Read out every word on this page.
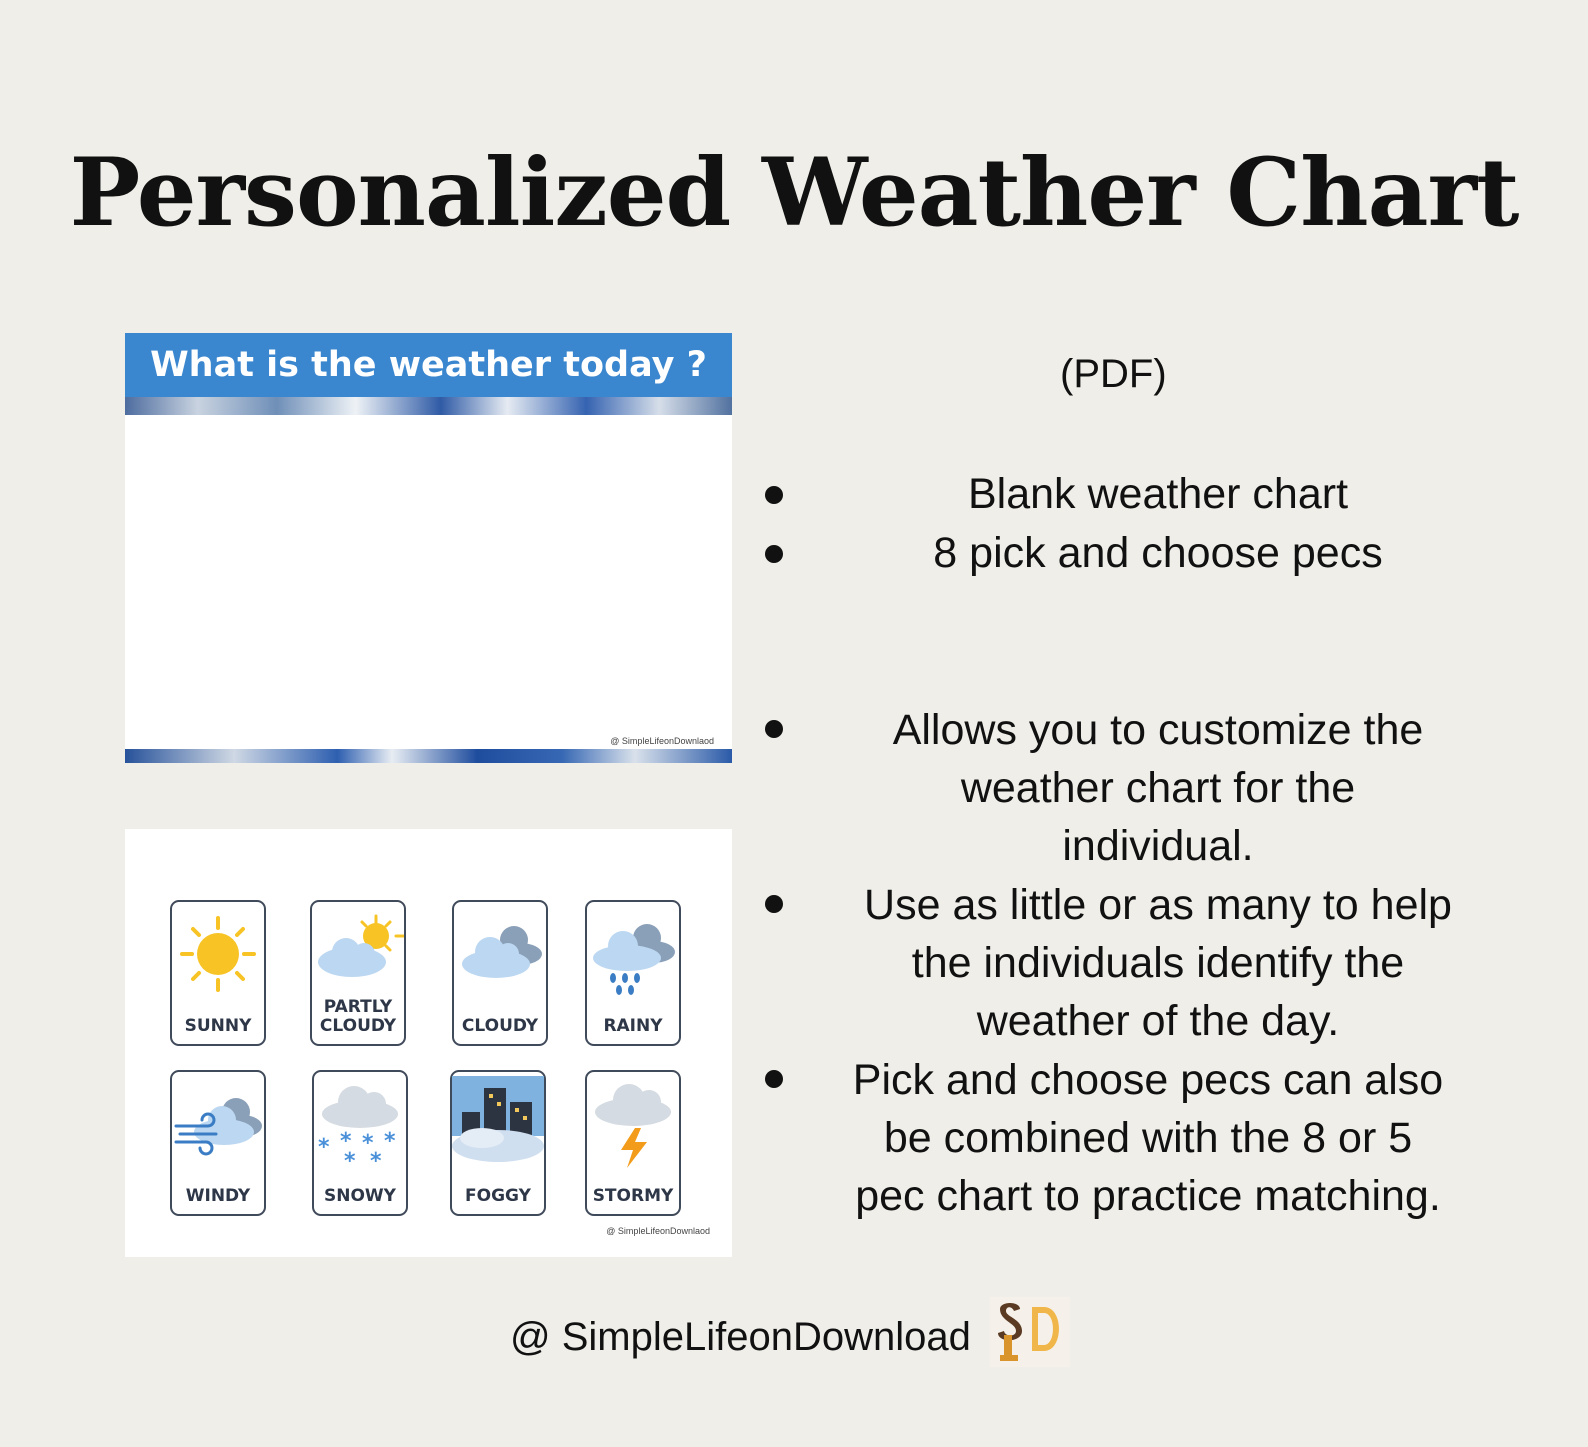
Personalized Weather Chart
What is the weather today ?
@ SimpleLifeonDownlaod
SUNNY
PARTLY
CLOUDY	CLOUDY	RAINY
WINDY
* * * *
* *
SNOWY	FOGGY	STORMY
@ SimpleLifeonDownlaod
(PDF)
Blank weather chart
8 pick and choose pecs
Allows you to customize the
weather chart for the
individual.
Use as little or as many to help
the individuals identify the
weather of the day.
Pick and choose pecs can also
be combined with the 8 or 5
pec chart to practice matching.
@ SimpleLifeonDownload
